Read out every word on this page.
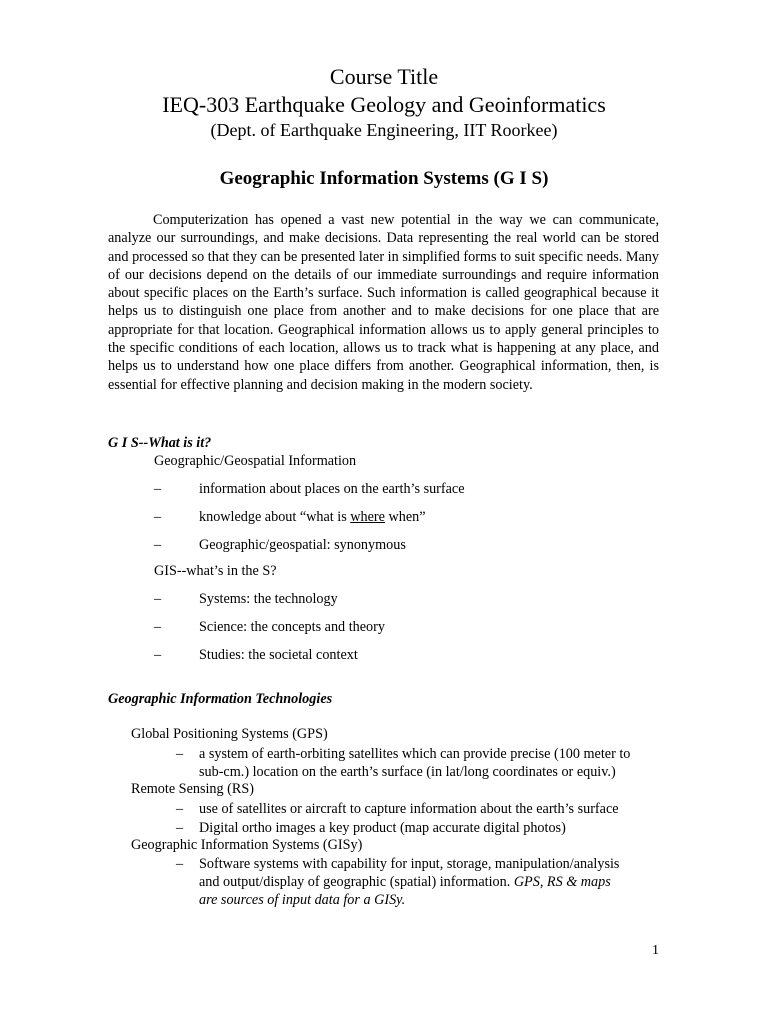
Course Title
IEQ-303 Earthquake Geology and Geoinformatics
(Dept. of Earthquake Engineering, IIT Roorkee)
Geographic Information Systems (G I S)

Computerization has opened a vast new potential in the way we can communicate, analyze our surroundings, and make decisions. Data representing the real world can be stored and processed so that they can be presented later in simplified forms to suit specific needs. Many of our decisions depend on the details of our immediate surroundings and require information about specific places on the Earth’s surface. Such information is called geographical because it helps us to distinguish one place from another and to make decisions for one place that are appropriate for that location. Geographical information allows us to apply general principles to the specific conditions of each location, allows us to track what is happening at any place, and helps us to understand how one place differs from another. Geographical information, then, is essential for effective planning and decision making in the modern society.

G I S--What is it?
Geographic/Geospatial Information
–	information about places on the earth’s surface
–	knowledge about “what is where when”
–	Geographic/geospatial: synonymous
GIS--what’s in the S?
–	Systems: the technology
–	Science: the concepts and theory
–	Studies: the societal context
Geographic Information Technologies
Global Positioning Systems (GPS)
– a system of earth-orbiting satellites which can provide precise (100 meter to
sub-cm.) location on the earth’s surface (in lat/long coordinates or equiv.)
Remote Sensing (RS)
– use of satellites or aircraft to capture information about the earth’s surface
– Digital ortho images a key product (map accurate digital photos)
Geographic Information Systems (GISy)
– Software systems with capability for input, storage, manipulation/analysis
and output/display of geographic (spatial) information. GPS, RS & maps
are sources of input data for a GISy.
1
